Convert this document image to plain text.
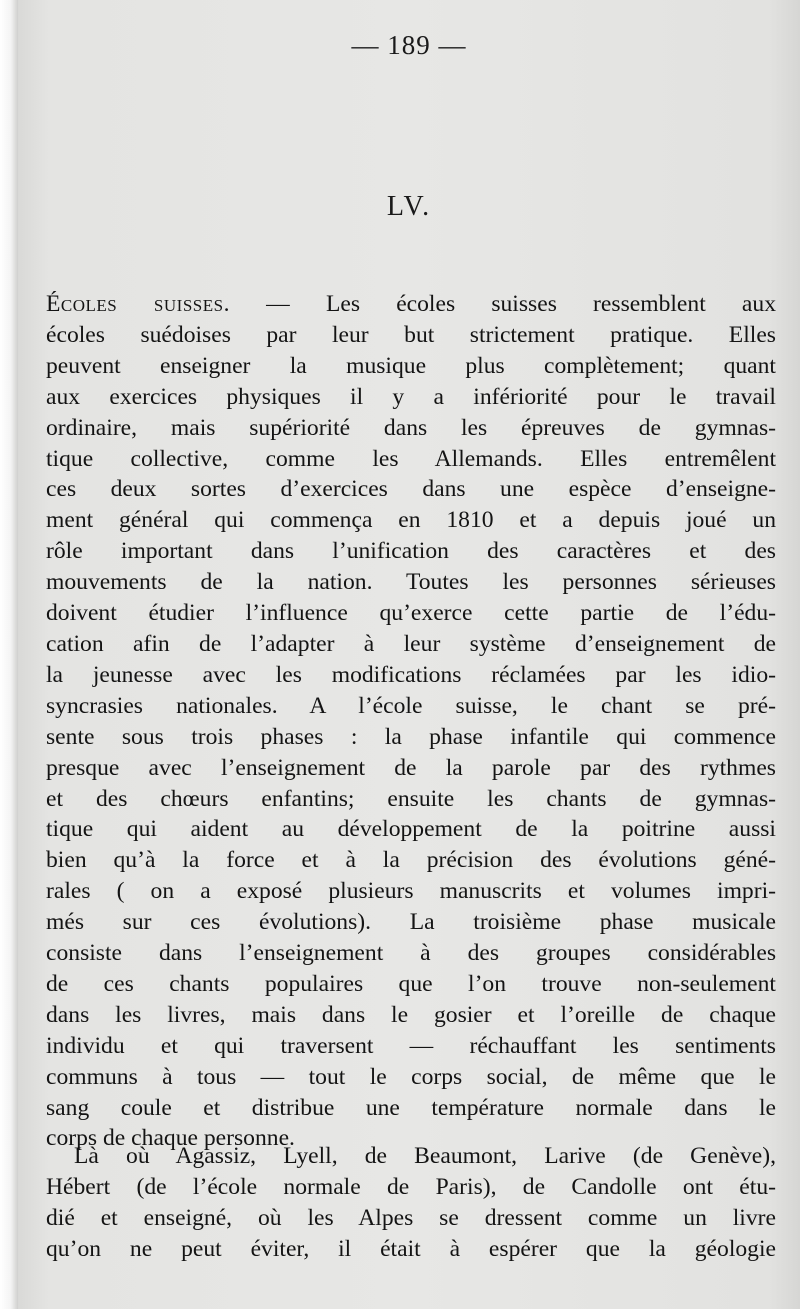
— 189 —
LV.
Écoles suisses. — Les écoles suisses ressemblent aux
écoles suédoises par leur but strictement pratique. Elles
peuvent enseigner la musique plus complètement; quant
aux exercices physiques il y a infériorité pour le travail
ordinaire, mais supériorité dans les épreuves de gymnas-
tique collective, comme les Allemands. Elles entremêlent
ces deux sortes d’exercices dans une espèce d’enseigne-
ment général qui commença en 1810 et a depuis joué un
rôle important dans l’unification des caractères et des
mouvements de la nation. Toutes les personnes sérieuses
doivent étudier l’influence qu’exerce cette partie de l’édu-
cation afin de l’adapter à leur système d’enseignement de
la jeunesse avec les modifications réclamées par les idio-
syncrasies nationales. A l’école suisse, le chant se pré-
sente sous trois phases : la phase infantile qui commence
presque avec l’enseignement de la parole par des rythmes
et des chœurs enfantins; ensuite les chants de gymnas-
tique qui aident au développement de la poitrine aussi
bien qu’à la force et à la précision des évolutions géné-
rales ( on a exposé plusieurs manuscrits et volumes impri-
més sur ces évolutions). La troisième phase musicale
consiste dans l’enseignement à des groupes considérables
de ces chants populaires que l’on trouve non-seulement
dans les livres, mais dans le gosier et l’oreille de chaque
individu et qui traversent — réchauffant les sentiments
communs à tous — tout le corps social, de même que le
sang coule et distribue une température normale dans le
corps de chaque personne.
Là où Agassiz, Lyell, de Beaumont, Larive (de Genève),
Hébert (de l’école normale de Paris), de Candolle ont étu-
dié et enseigné, où les Alpes se dressent comme un livre
qu’on ne peut éviter, il était à espérer que la géologie
